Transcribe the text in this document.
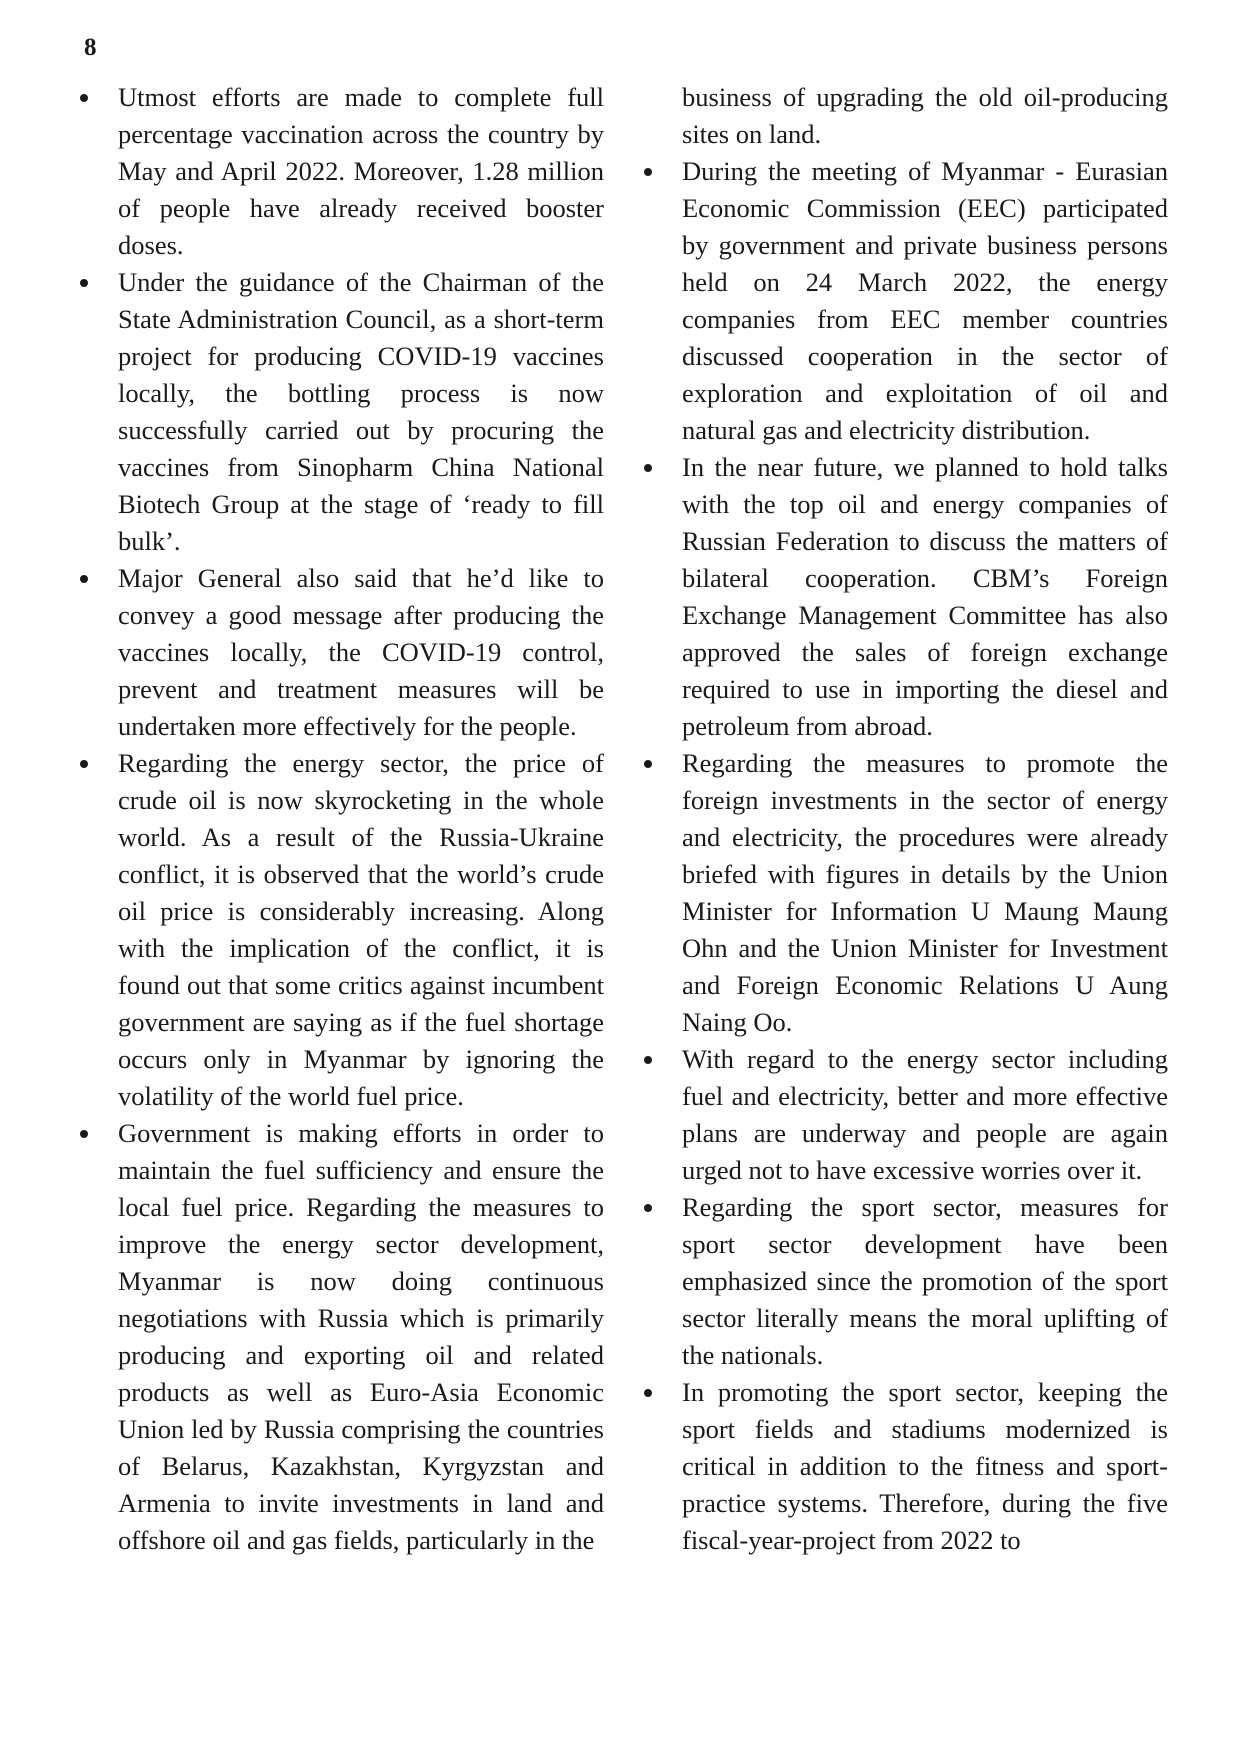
8
Utmost efforts are made to complete full percentage vaccination across the country by May and April 2022. Moreover, 1.28 million of people have already received booster doses.
Under the guidance of the Chairman of the State Administration Council, as a short-term project for producing COVID-19 vaccines locally, the bottling process is now successfully carried out by procuring the vaccines from Sinopharm China National Biotech Group at the stage of ‘ready to fill bulk’.
Major General also said that he’d like to convey a good message after producing the vaccines locally, the COVID-19 control, prevent and treatment measures will be undertaken more effectively for the people.
Regarding the energy sector, the price of crude oil is now skyrocketing in the whole world. As a result of the Russia-Ukraine conflict, it is observed that the world’s crude oil price is considerably increasing. Along with the implication of the conflict, it is found out that some critics against incumbent government are saying as if the fuel shortage occurs only in Myanmar by ignoring the volatility of the world fuel price.
Government is making efforts in order to maintain the fuel sufficiency and ensure the local fuel price. Regarding the measures to improve the energy sector development, Myanmar is now doing continuous negotiations with Russia which is primarily producing and exporting oil and related products as well as Euro-Asia Economic Union led by Russia comprising the countries of Belarus, Kazakhstan, Kyrgyzstan and Armenia to invite investments in land and offshore oil and gas fields, particularly in the
business of upgrading the old oil-producing sites on land.
During the meeting of Myanmar - Eurasian Economic Commission (EEC) participated by government and private business persons held on 24 March 2022, the energy companies from EEC member countries discussed cooperation in the sector of exploration and exploitation of oil and natural gas and electricity distribution.
In the near future, we planned to hold talks with the top oil and energy companies of Russian Federation to discuss the matters of bilateral cooperation. CBM’s Foreign Exchange Management Committee has also approved the sales of foreign exchange required to use in importing the diesel and petroleum from abroad.
Regarding the measures to promote the foreign investments in the sector of energy and electricity, the procedures were already briefed with figures in details by the Union Minister for Information U Maung Maung Ohn and the Union Minister for Investment and Foreign Economic Relations U Aung Naing Oo.
With regard to the energy sector including fuel and electricity, better and more effective plans are underway and people are again urged not to have excessive worries over it.
Regarding the sport sector, measures for sport sector development have been emphasized since the promotion of the sport sector literally means the moral uplifting of the nationals.
In promoting the sport sector, keeping the sport fields and stadiums modernized is critical in addition to the fitness and sport-practice systems. Therefore, during the five fiscal-year-project from 2022 to
